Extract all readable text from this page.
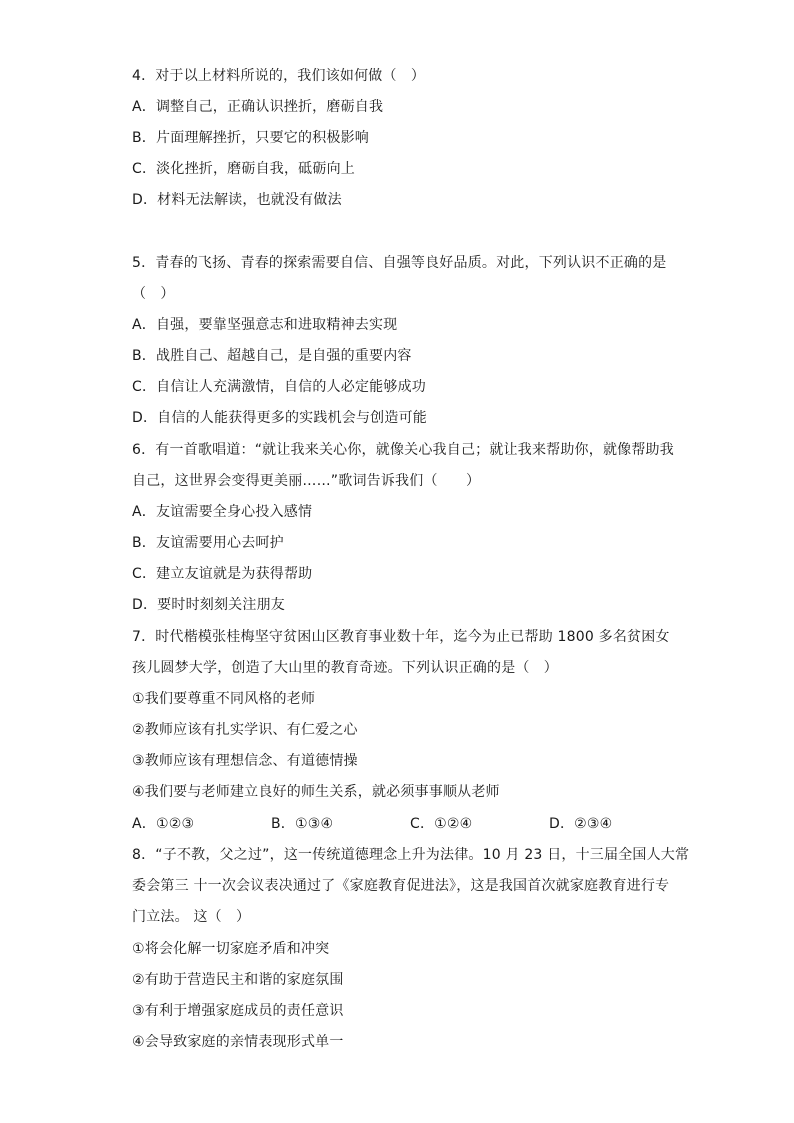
4．对于以上材料所说的，我们该如何做（　）
A．调整自己，正确认识挫折，磨砺自我
B．片面理解挫折，只要它的积极影响
C．淡化挫折，磨砺自我，砥砺向上
D．材料无法解读，也就没有做法
5．青春的飞扬、青春的探索需要自信、自强等良好品质。对此，下列认识不正确的是
（　）
A．自强，要靠坚强意志和进取精神去实现
B．战胜自己、超越自己，是自强的重要内容
C．自信让人充满激情，自信的人必定能够成功
D．自信的人能获得更多的实践机会与创造可能
6．有一首歌唱道：“就让我来关心你，就像关心我自己；就让我来帮助你，就像帮助我
自己，这世界会变得更美丽……”歌词告诉我们（　　）
A．友谊需要全身心投入感情
B．友谊需要用心去呵护
C．建立友谊就是为获得帮助
D．要时时刻刻关注朋友
7．时代楷模张桂梅坚守贫困山区教育事业数十年，迄今为止已帮助 1800 多名贫困女
孩儿圆梦大学，创造了大山里的教育奇迹。下列认识正确的是（　）
①我们要尊重不同风格的老师
②教师应该有扎实学识、有仁爱之心
③教师应该有理想信念、有道德情操
④我们要与老师建立良好的师生关系，就必须事事顺从老师
A．①②③	B．①③④	C．①②④	D．②③④
8．“子不教，父之过”，这一传统道德理念上升为法律。10 月 23 日，十三届全国人大常
委会第三 十一次会议表决通过了《家庭教育促进法》，这是我国首次就家庭教育进行专
门立法。 这（　）
①将会化解一切家庭矛盾和冲突
②有助于营造民主和谐的家庭氛围
③有利于增强家庭成员的责任意识
④会导致家庭的亲情表现形式单一
